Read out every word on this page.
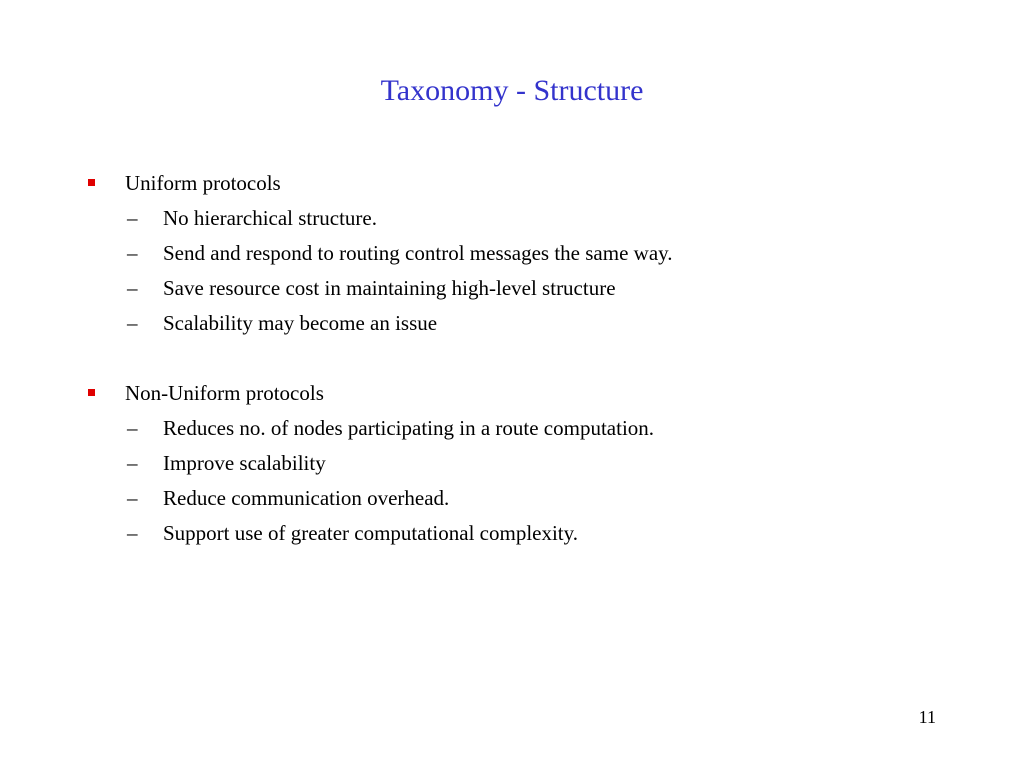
Taxonomy - Structure
Uniform protocols
– No hierarchical structure.
– Send and respond to routing control messages the same way.
– Save resource cost in maintaining high-level structure
– Scalability may become an issue
Non-Uniform protocols
– Reduces no. of nodes participating in a route computation.
– Improve scalability
– Reduce communication overhead.
– Support use of greater computational complexity.
11
